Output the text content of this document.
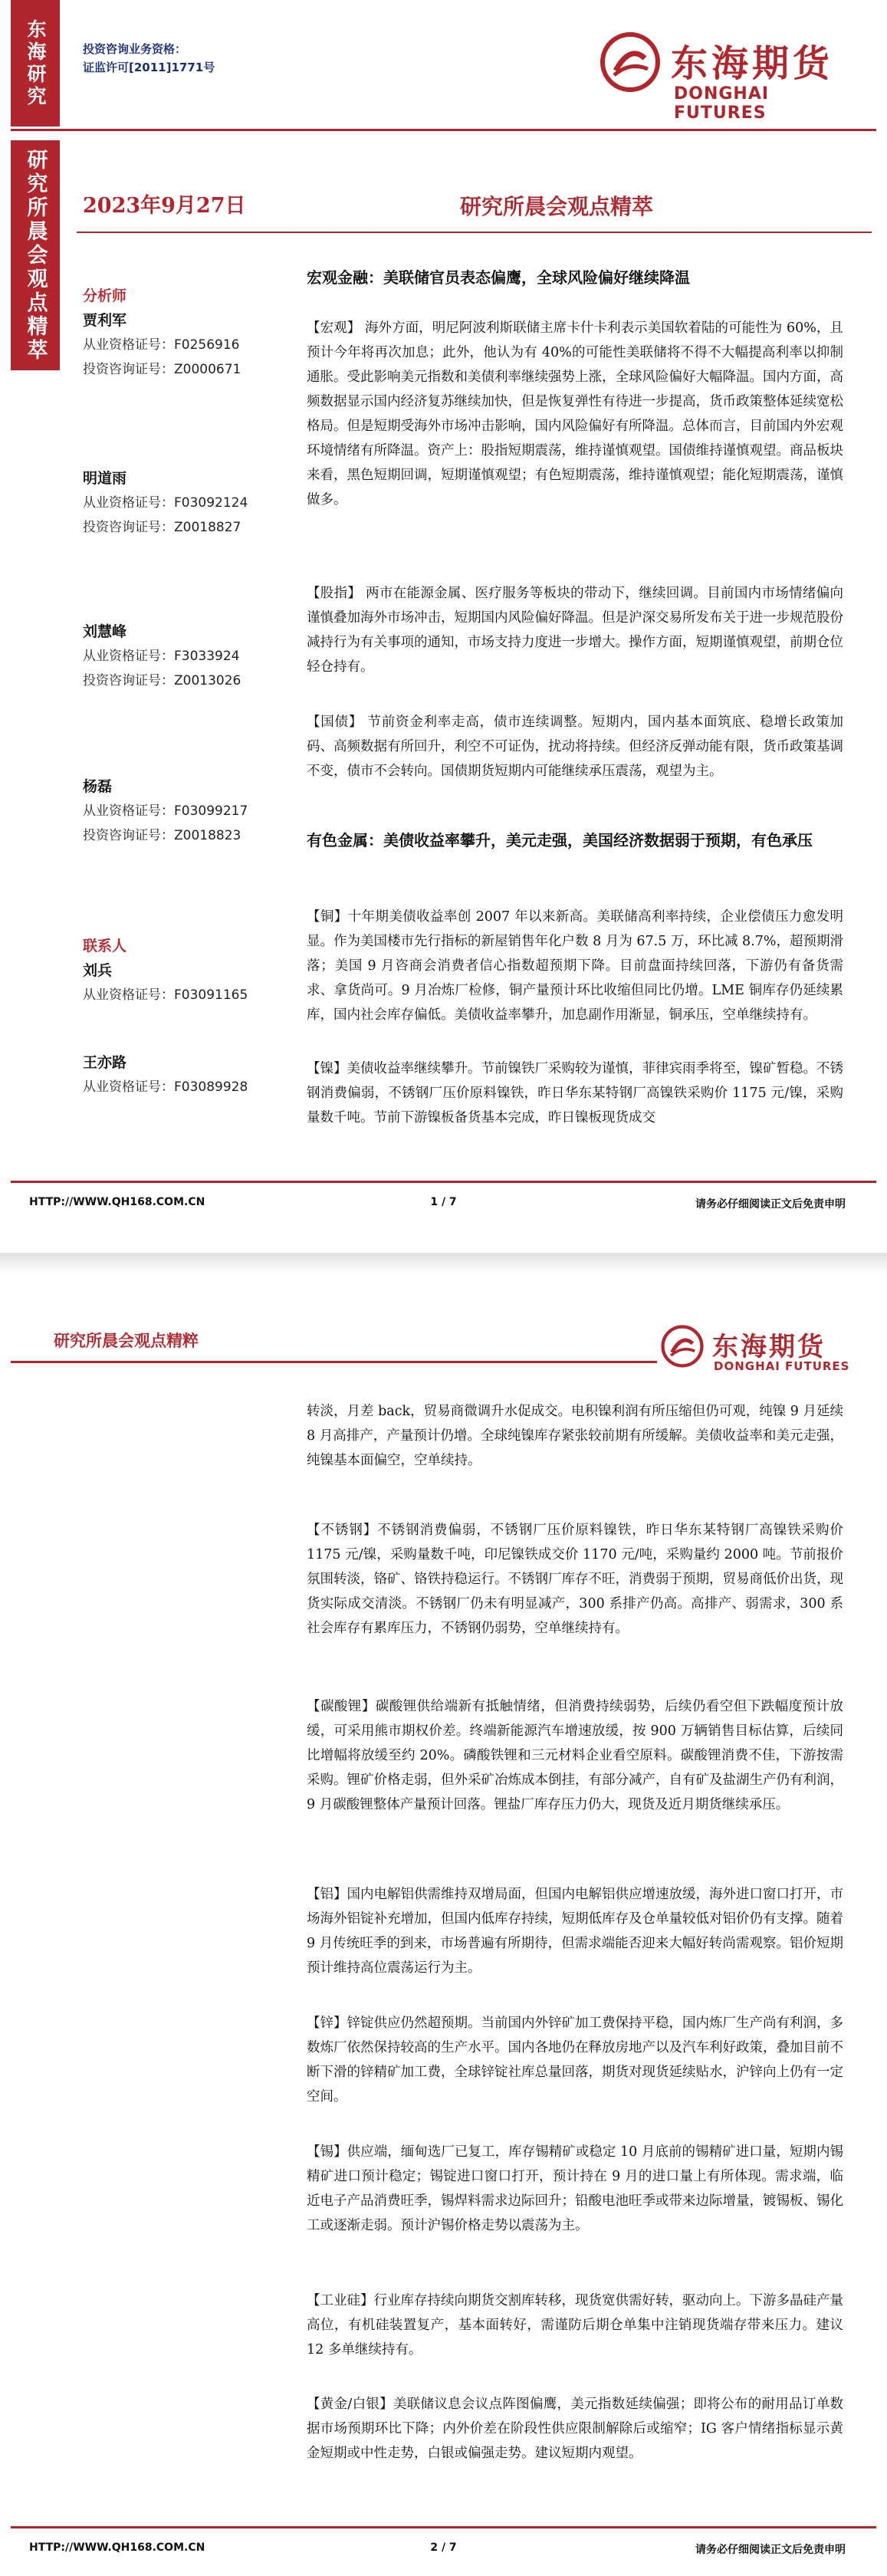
东海研究	投资咨询业务资格：
证监许可[2011]1771号	东海期货
DONGHAI FUTURES
研究所晨会观点精萃	2023年9月27日	研究所晨会观点精萃
分析师
贾利军
从业资格证号：F0256916
投资咨询证号：Z0000671
明道雨
从业资格证号：F03092124
投资咨询证号：Z0018827
刘慧峰
从业资格证号：F3033924
投资咨询证号：Z0013026
杨磊
从业资格证号：F03099217
投资咨询证号：Z0018823
联系人
刘兵
从业资格证号：F03091165
王亦路
从业资格证号：F03089928

宏观金融：美联储官员表态偏鹰，全球风险偏好继续降温

【宏观】 海外方面，明尼阿波利斯联储主席卡什卡利表示美国软着陆的可能性为 60%，且预计今年将再次加息；此外，他认为有 40%的可能性美联储将不得不大幅提高利率以抑制通胀。受此影响美元指数和美债利率继续强势上涨，全球风险偏好大幅降温。国内方面，高频数据显示国内经济复苏继续加快，但是恢复弹性有待进一步提高，货币政策整体延续宽松格局。但是短期受海外市场冲击影响，国内风险偏好有所降温。总体而言，目前国内外宏观环境情绪有所降温。资产上：股指短期震荡，维持谨慎观望。国债维持谨慎观望。商品板块来看，黑色短期回调，短期谨慎观望；有色短期震荡，维持谨慎观望；能化短期震荡，谨慎做多。

【股指】 两市在能源金属、医疗服务等板块的带动下，继续回调。目前国内市场情绪偏向谨慎叠加海外市场冲击，短期国内风险偏好降温。但是沪深交易所发布关于进一步规范股份减持行为有关事项的通知，市场支持力度进一步增大。操作方面，短期谨慎观望，前期仓位轻仓持有。

【国债】 节前资金利率走高，债市连续调整。短期内，国内基本面筑底、稳增长政策加码、高频数据有所回升，利空不可证伪，扰动将持续。但经济反弹动能有限，货币政策基调不变，债市不会转向。国债期货短期内可能继续承压震荡，观望为主。

有色金属：美债收益率攀升，美元走强，美国经济数据弱于预期，有色承压

【铜】十年期美债收益率创 2007 年以来新高。美联储高利率持续，企业偿债压力愈发明显。作为美国楼市先行指标的新屋销售年化户数 8 月为 67.5 万，环比减 8.7%，超预期滑落；美国 9 月咨商会消费者信心指数超预期下降。目前盘面持续回落，下游仍有备货需求、拿货尚可。9 月冶炼厂检修，铜产量预计环比收缩但同比仍增。LME 铜库存仍延续累库，国内社会库存偏低。美债收益率攀升，加息副作用渐显，铜承压，空单继续持有。

【镍】美债收益率继续攀升。节前镍铁厂采购较为谨慎，菲律宾雨季将至，镍矿暂稳。不锈钢消费偏弱，不锈钢厂压价原料镍铁，昨日华东某特钢厂高镍铁采购价 1175 元/镍，采购量数千吨。节前下游镍板备货基本完成，昨日镍板现货成交

HTTP://WWW.QH168.COM.CN	1 / 7	请务必仔细阅读正文后免责申明
研究所晨会观点精粹	东海期货
DONGHAI FUTURES

转淡，月差 back，贸易商微调升水促成交。电积镍利润有所压缩但仍可观，纯镍 9 月延续 8 月高排产，产量预计仍增。全球纯镍库存紧张较前期有所缓解。美债收益率和美元走强，纯镍基本面偏空，空单续持。

【不锈钢】不锈钢消费偏弱，不锈钢厂压价原料镍铁，昨日华东某特钢厂高镍铁采购价 1175 元/镍，采购量数千吨，印尼镍铁成交价 1170 元/吨，采购量约 2000 吨。节前报价氛围转淡，铬矿、铬铁持稳运行。不锈钢厂库存不旺，消费弱于预期，贸易商低价出货，现货实际成交清淡。不锈钢厂仍未有明显减产，300 系排产仍高。高排产、弱需求，300 系社会库存有累库压力，不锈钢仍弱势，空单继续持有。

【碳酸锂】碳酸锂供给端新有抵触情绪，但消费持续弱势，后续仍看空但下跌幅度预计放缓，可采用熊市期权价差。终端新能源汽车增速放缓，按 900 万辆销售目标估算，后续同比增幅将放缓至约 20%。磷酸铁锂和三元材料企业看空原料。碳酸锂消费不佳，下游按需采购。锂矿价格走弱，但外采矿冶炼成本倒挂，有部分减产，自有矿及盐湖生产仍有利润，9 月碳酸锂整体产量预计回落。锂盐厂库存压力仍大，现货及近月期货继续承压。

【铝】国内电解铝供需维持双增局面，但国内电解铝供应增速放缓，海外进口窗口打开，市场海外铝锭补充增加，但国内低库存持续，短期低库存及仓单量较低对铝价仍有支撑。随着 9 月传统旺季的到来，市场普遍有所期待，但需求端能否迎来大幅好转尚需观察。铝价短期预计维持高位震荡运行为主。

【锌】锌锭供应仍然超预期。当前国内外锌矿加工费保持平稳，国内炼厂生产尚有利润，多数炼厂依然保持较高的生产水平。国内各地仍在释放房地产以及汽车利好政策，叠加目前不断下滑的锌精矿加工费，全球锌锭社库总量回落，期货对现货延续贴水，沪锌向上仍有一定空间。

【锡】供应端，缅甸选厂已复工，库存锡精矿或稳定 10 月底前的锡精矿进口量，短期内锡精矿进口预计稳定；锡锭进口窗口打开，预计持在 9 月的进口量上有所体现。需求端，临近电子产品消费旺季，锡焊料需求边际回升；铅酸电池旺季或带来边际增量，镀锡板、锡化工或逐渐走弱。预计沪锡价格走势以震荡为主。

【工业硅】行业库存持续向期货交割库转移，现货宽供需好转，驱动向上。下游多晶硅产量高位，有机硅装置复产，基本面转好，需谨防后期仓单集中注销现货端存带来压力。建议 12 多单继续持有。

【黄金/白银】美联储议息会议点阵图偏鹰，美元指数延续偏强；即将公布的耐用品订单数据市场预期环比下降；内外价差在阶段性供应限制解除后或缩窄；IG 客户情绪指标显示黄金短期或中性走势，白银或偏强走势。建议短期内观望。

HTTP://WWW.QH168.COM.CN	2 / 7	请务必仔细阅读正文后免责申明
